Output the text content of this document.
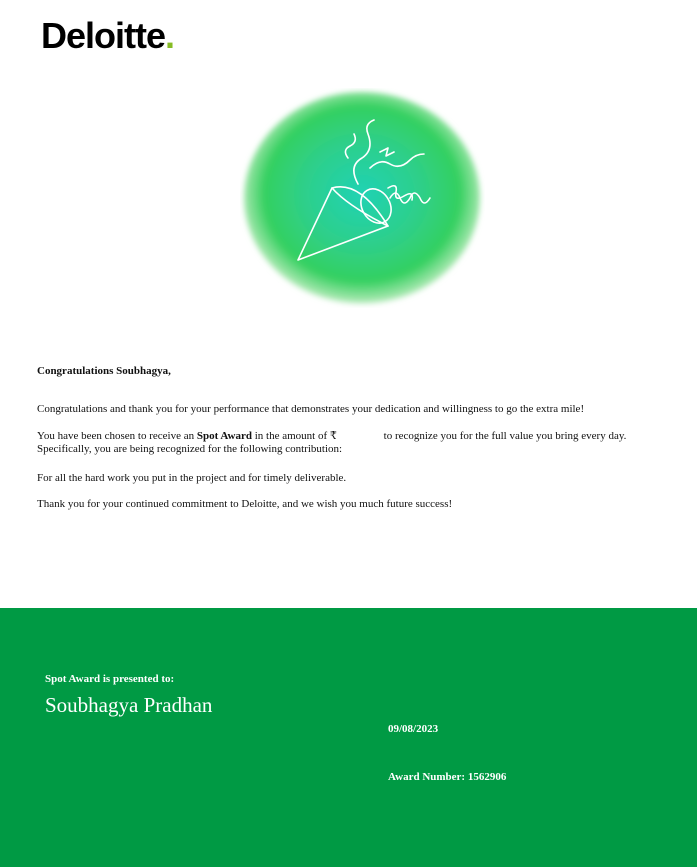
Deloitte.

Congratulations Soubhagya,

Congratulations and thank you for your performance that demonstrates your dedication and willingness to go the extra mile!

You have been chosen to receive an Spot Award in the amount of ₹	to recognize you for the full value you bring every day.
Specifically, you are being recognized for the following contribution:

For all the hard work you put in the project and for timely deliverable.

Thank you for your continued commitment to Deloitte, and we wish you much future success!

Spot Award is presented to:
Soubhagya Pradhan
09/08/2023
Award Number: 1562906
